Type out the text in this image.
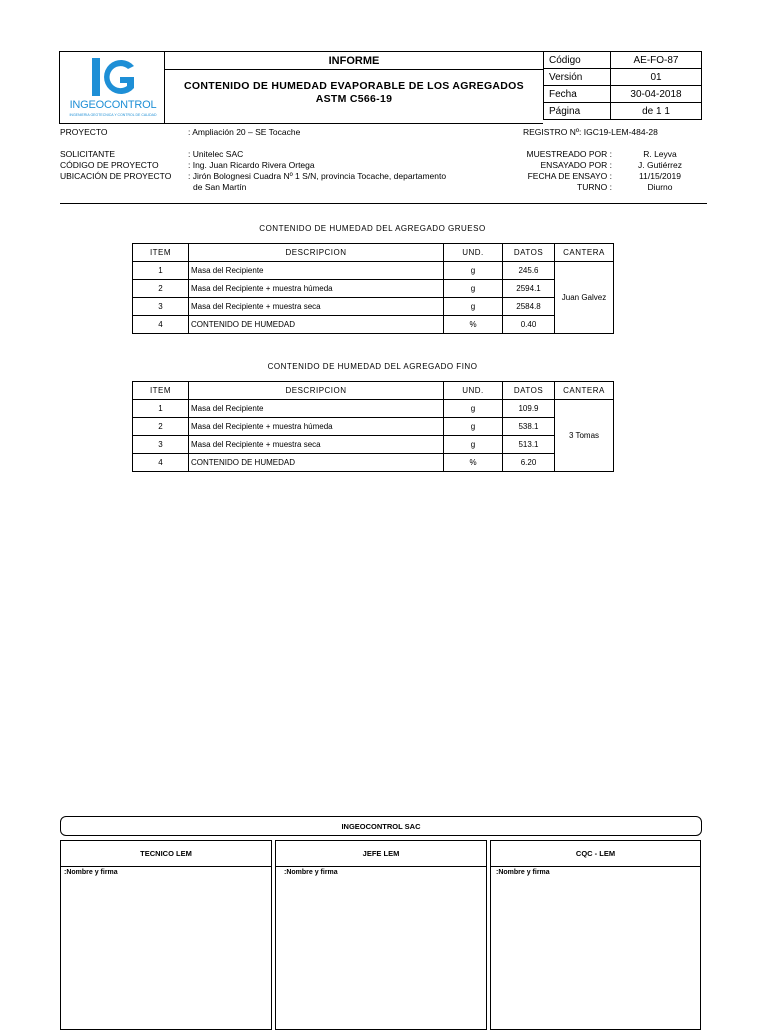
INGEOCONTROL
INGENIERIA GEOTECNICA Y CONTROL DE CALIDAD
INFORME
CONTENIDO DE HUMEDAD EVAPORABLE DE LOS AGREGADOS
ASTM C566-19
Código	AE-FO-87
Versión	01
Fecha	30-04-2018
Página	de 1 1
PROYECTO	: Ampliación 20 – SE Tocache	REGISTRO Nº: IGC19-LEM-484-28
SOLICITANTE	: Unitelec SAC
CÓDIGO DE PROYECTO	: Ing. Juan Ricardo Rivera Ortega
UBICACIÓN DE PROYECTO : Jirón Bolognesi Cuadra Nº 1 S/N, provincia Tocache, departamento
de San Martín
MUESTREADO POR :	R. Leyva
ENSAYADO POR :	J. Gutiérrez
FECHA DE ENSAYO :	11/15/2019
TURNO :	Diurno
CONTENIDO DE HUMEDAD DEL AGREGADO GRUESO
ITEM	DESCRIPCION	UND.	DATOS	CANTERA
1	Masa del Recipiente	g	245.6	Juan Galvez
2	Masa del Recipiente + muestra húmeda	g	2594.1	
3	Masa del Recipiente + muestra seca	g	2584.8	
4	CONTENIDO DE HUMEDAD	%	0.40	
CONTENIDO DE HUMEDAD DEL AGREGADO FINO
ITEM	DESCRIPCION	UND.	DATOS	CANTERA
1	Masa del Recipiente	g	109.9	3 Tomas
2	Masa del Recipiente + muestra húmeda	g	538.1	
3	Masa del Recipiente + muestra seca	g	513.1	
4	CONTENIDO DE HUMEDAD	%	6.20	
INGEOCONTROL SAC
TECNICO LEM
:Nombre y firma
JEFE LEM
:Nombre y firma
CQC - LEM
:Nombre y firma
